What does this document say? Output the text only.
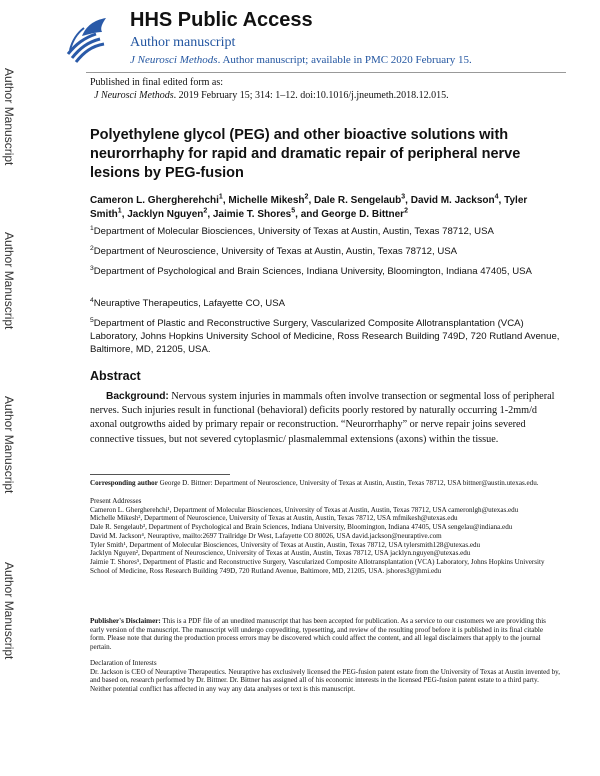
Author Manuscript
Author Manuscript
Author Manuscript
Author Manuscript
HHS Public Access
Author manuscript
J Neurosci Methods. Author manuscript; available in PMC 2020 February 15.
Published in final edited form as:
J Neurosci Methods. 2019 February 15; 314: 1–12. doi:10.1016/j.jneumeth.2018.12.015.
Polyethylene glycol (PEG) and other bioactive solutions with neurorrhaphy for rapid and dramatic repair of peripheral nerve lesions by PEG-fusion
Cameron L. Ghergherehchi$^1$, Michelle Mikesh$^2$, Dale R. Sengelaub$^3$, David M. Jackson$^4$, Tyler Smith$^1$, Jacklyn Nguyen$^2$, Jaimie T. Shores$^5$, and George D. Bittner$^2$
$^1$Department of Molecular Biosciences, University of Texas at Austin, Austin, Texas 78712, USA
$^2$Department of Neuroscience, University of Texas at Austin, Austin, Texas 78712, USA
$^3$Department of Psychological and Brain Sciences, Indiana University, Bloomington, Indiana 47405, USA
$^4$Neuraptive Therapeutics, Lafayette CO, USA
$^5$Department of Plastic and Reconstructive Surgery, Vascularized Composite Allotransplantation (VCA) Laboratory, Johns Hopkins University School of Medicine, Ross Research Building 749D, 720 Rutland Avenue, Baltimore, MD, 21205, USA.
Abstract
Background: Nervous system injuries in mammals often involve transection or segmental loss of peripheral nerves. Such injuries result in functional (behavioral) deficits poorly restored by naturally occurring 1-2mm/d axonal outgrowths aided by primary repair or reconstruction. “Neurorrhaphy” or nerve repair joins severed connective tissues, but not severed cytoplasmic/ plasmalemmal extensions (axons) within the tissue.
Corresponding author George D. Bittner: Department of Neuroscience, University of Texas at Austin, Austin, Texas 78712, USA bittner@austin.utexas.edu.
Present Addresses
Cameron L. Ghergherehchi¹, Department of Molecular Biosciences, University of Texas at Austin, Austin, Texas 78712, USA cameronlgh@utexas.edu
Michelle Mikesh², Department of Neuroscience, University of Texas at Austin, Austin, Texas 78712, USA mfmikesh@utexas.edu
Dale R. Sengelaub³, Department of Psychological and Brain Sciences, Indiana University, Bloomington, Indiana 47405, USA sengelau@indiana.edu
David M. Jackson⁴, Neuraptive, mailto:2697 Trailridge Dr West, Lafayette CO 80026, USA david.jackson@neuraptive.com
Tyler Smith¹, Department of Molecular Biosciences, University of Texas at Austin, Austin, Texas 78712, USA tylersmith128@utexas.edu
Jacklyn Nguyen², Department of Neuroscience, University of Texas at Austin, Austin, Texas 78712, USA jacklyn.nguyen@utexas.edu
Jaimie T. Shores⁵, Department of Plastic and Reconstructive Surgery, Vascularized Composite Allotransplantation (VCA) Laboratory, Johns Hopkins University School of Medicine, Ross Research Building 749D, 720 Rutland Avenue, Baltimore, MD, 21205, USA. jshores3@jhmi.edu
Publisher's Disclaimer: This is a PDF file of an unedited manuscript that has been accepted for publication. As a service to our customers we are providing this early version of the manuscript. The manuscript will undergo copyediting, typesetting, and review of the resulting proof before it is published in its final citable form. Please note that during the production process errors may be discovered which could affect the content, and all legal disclaimers that apply to the journal pertain.
Declaration of Interests
Dr. Jackson is CEO of Neuraptive Therapeutics. Neuraptive has exclusively licensed the PEG-fusion patent estate from the University of Texas at Austin invented by, and based on, research performed by Dr. Bittner. Dr. Bittner has assigned all of his economic interests in the licensed PEG-fusion patent estate to a third party. Neither potential conflict has affected in any way any data analyses or text is this manuscript.
